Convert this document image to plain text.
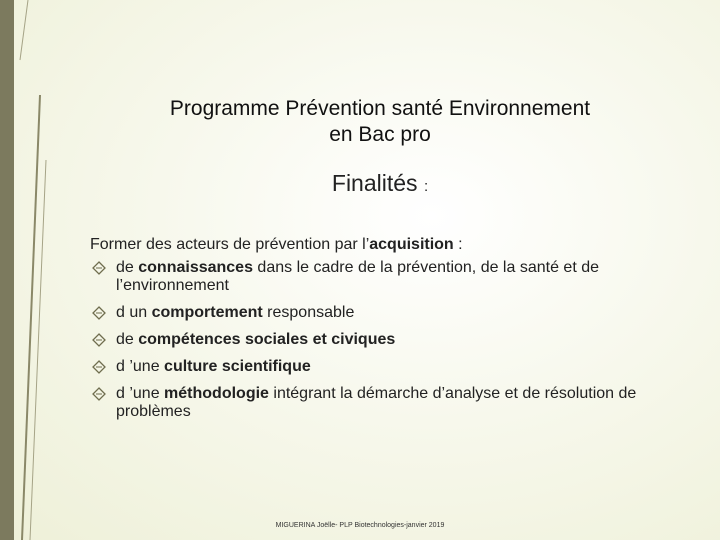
Programme Prévention santé Environnement
en Bac pro
Finalités :
Former des acteurs de prévention par l’acquisition :
de connaissances dans le cadre de la prévention, de la santé et de l’environnement
d un comportement responsable
de compétences sociales et civiques
d ’une culture scientifique
d ’une méthodologie intégrant la démarche d’analyse et de résolution de problèmes
MIGUERINA Joëlle- PLP Biotechnologies-janvier 2019
